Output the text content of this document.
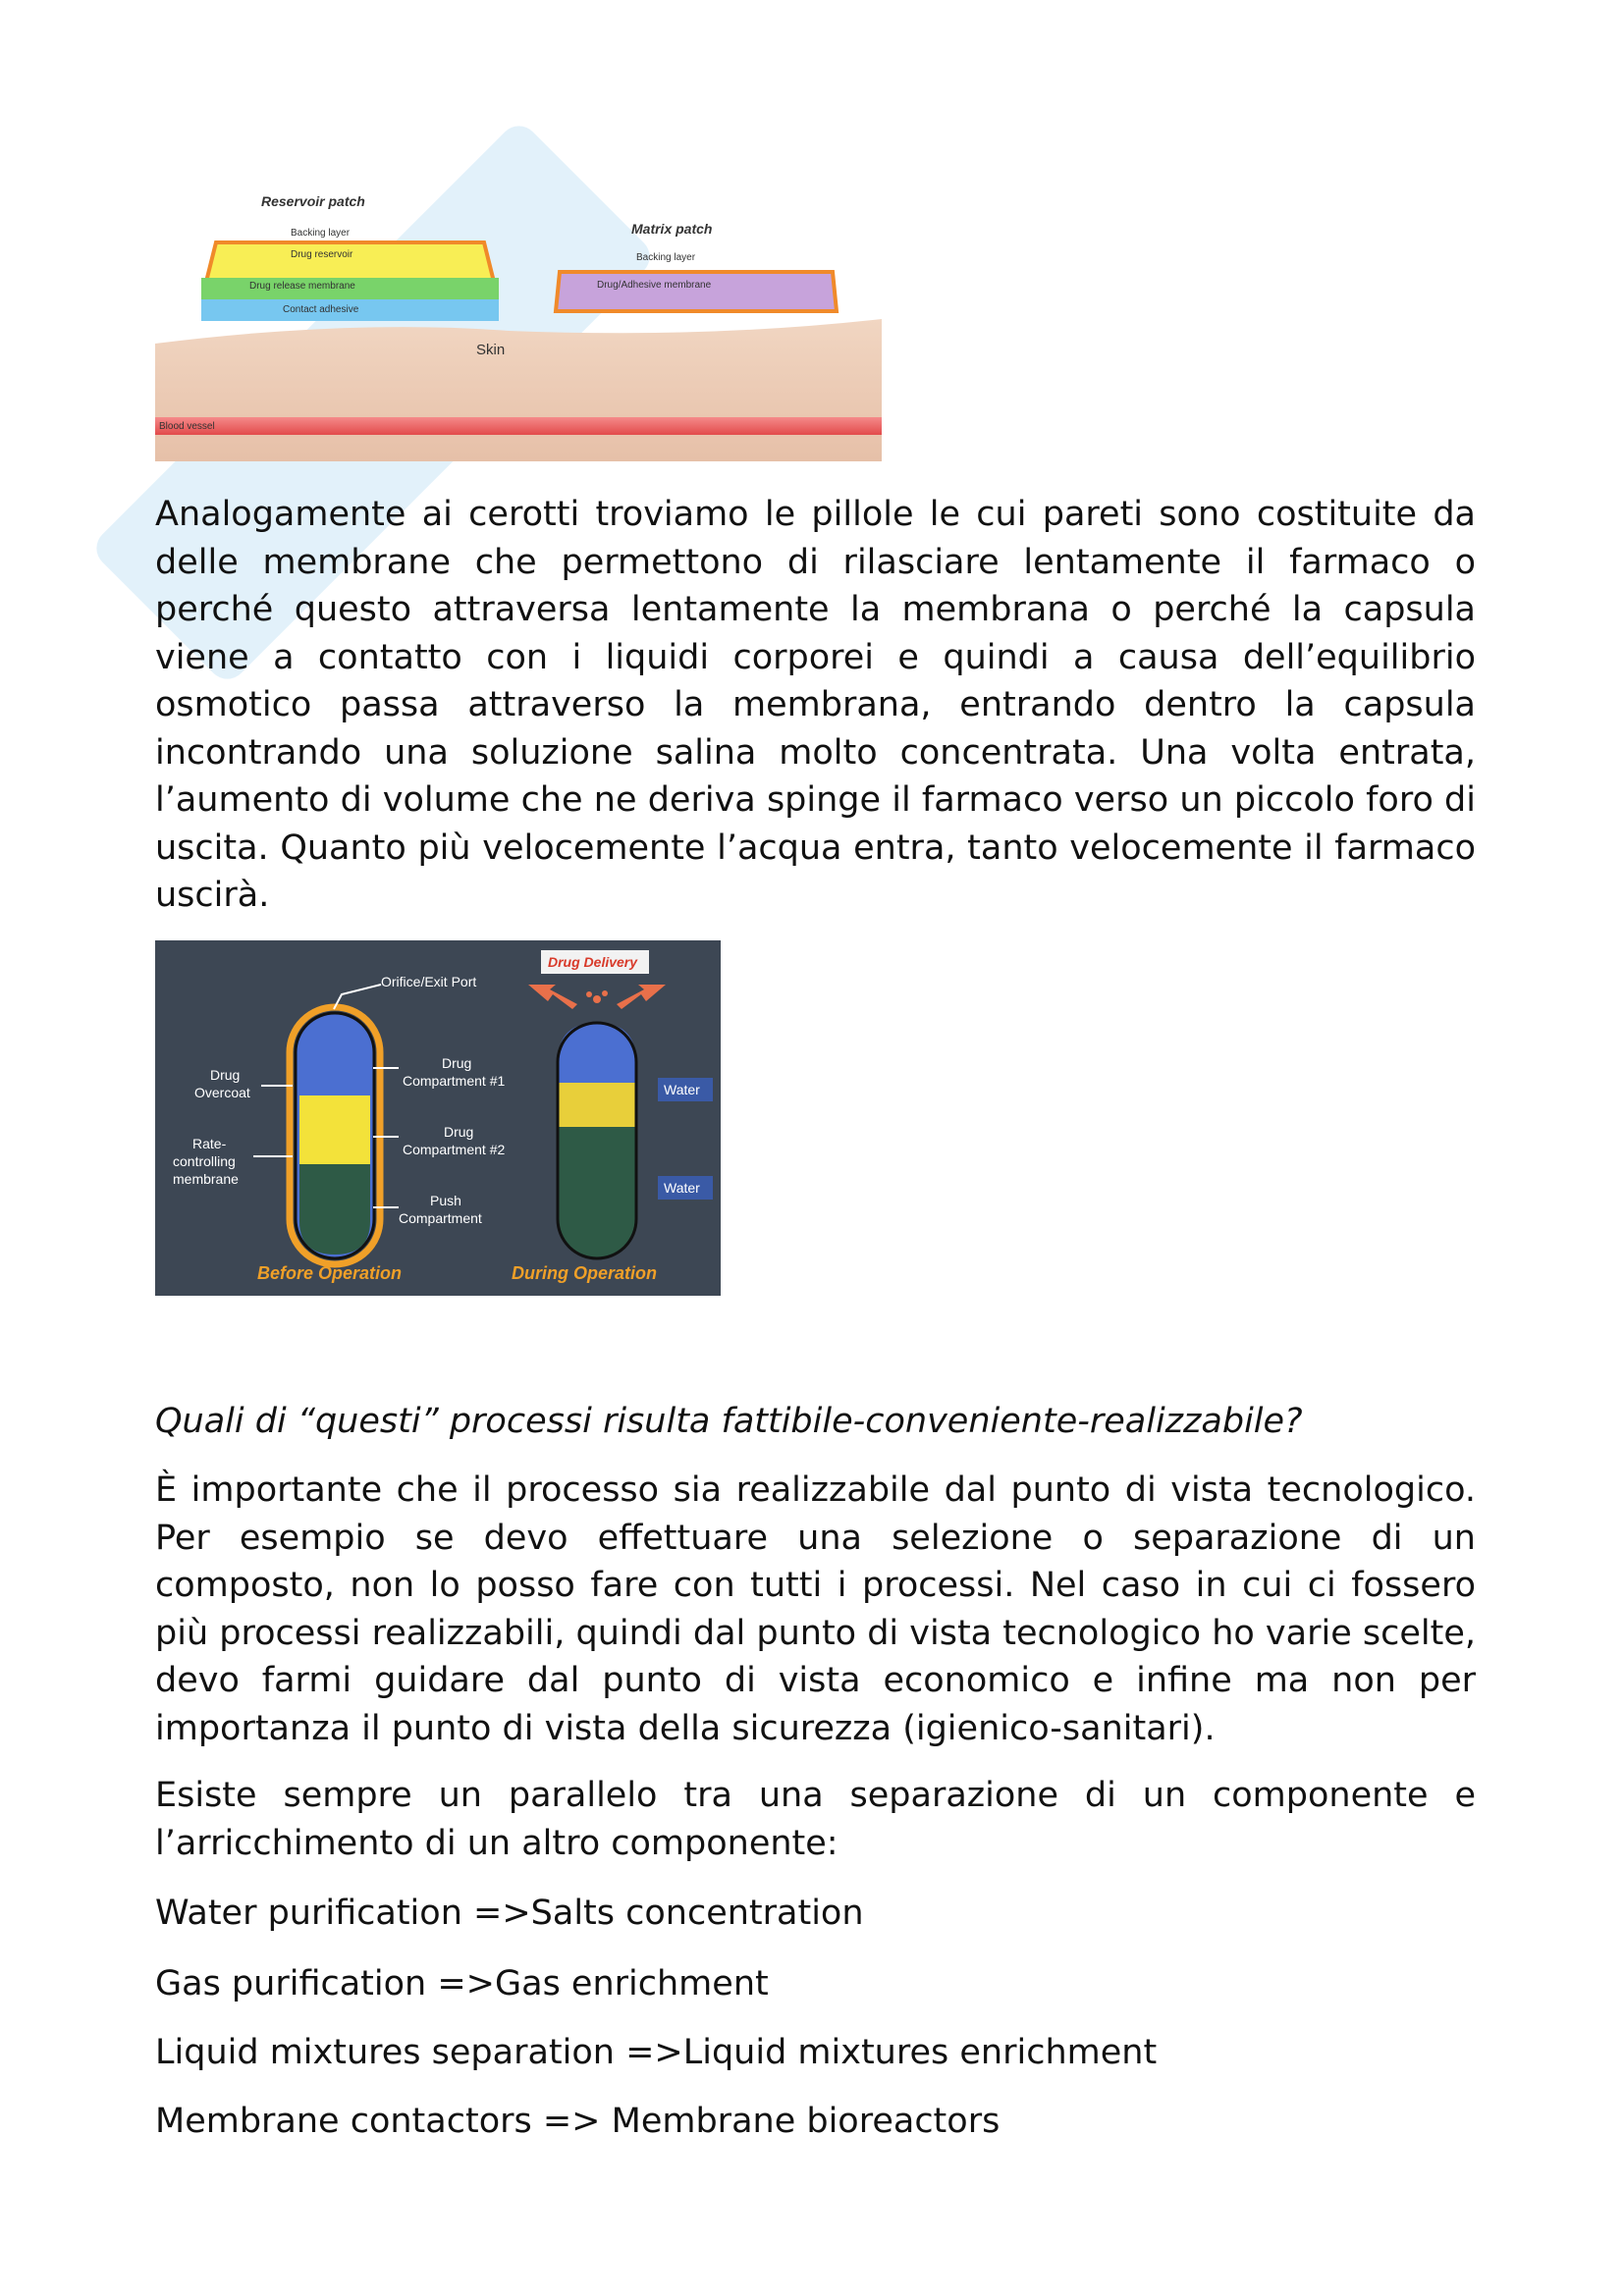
Reservoir patch
Backing layer
Drug reservoir
Drug release membrane
Contact adhesive
Matrix patch
Backing layer
Drug/Adhesive membrane
Skin
Blood vessel

Analogamente ai cerotti troviamo le pillole le cui pareti sono costituite da delle membrane che permettono di rilasciare lentamente il farmaco o perché questo attraversa lentamente la membrana o perché la capsula viene a contatto con i liquidi corporei e quindi a causa dell’equilibrio osmotico passa attraverso la membrana, entrando dentro la capsula incontrando una soluzione salina molto concentrata. Una volta entrata, l’aumento di volume che ne deriva spinge il farmaco verso un piccolo foro di uscita. Quanto più velocemente l’acqua entra, tanto velocemente il farmaco uscirà.

Orifice/Exit Port
Drug Delivery
Drug
Overcoat
Drug
Compartment #1
Rate-
controlling
membrane
Drug
Compartment #2
Push
Compartment
Water
Water
Before Operation	During Operation

Quali di “questi” processi risulta fattibile-conveniente-realizzabile?

È importante che il processo sia realizzabile dal punto di vista tecnologico. Per esempio se devo effettuare una selezione o separazione di un composto, non lo posso fare con tutti i processi. Nel caso in cui ci fossero più processi realizzabili, quindi dal punto di vista tecnologico ho varie scelte, devo farmi guidare dal punto di vista economico e infine ma non per importanza il punto di vista della sicurezza (igienico-sanitari).

Esiste sempre un parallelo tra una separazione di un componente e l’arricchimento di un altro componente:

Water purification =>Salts concentration

Gas purification =>Gas enrichment

Liquid mixtures separation =>Liquid mixtures enrichment

Membrane contactors => Membrane bioreactors
